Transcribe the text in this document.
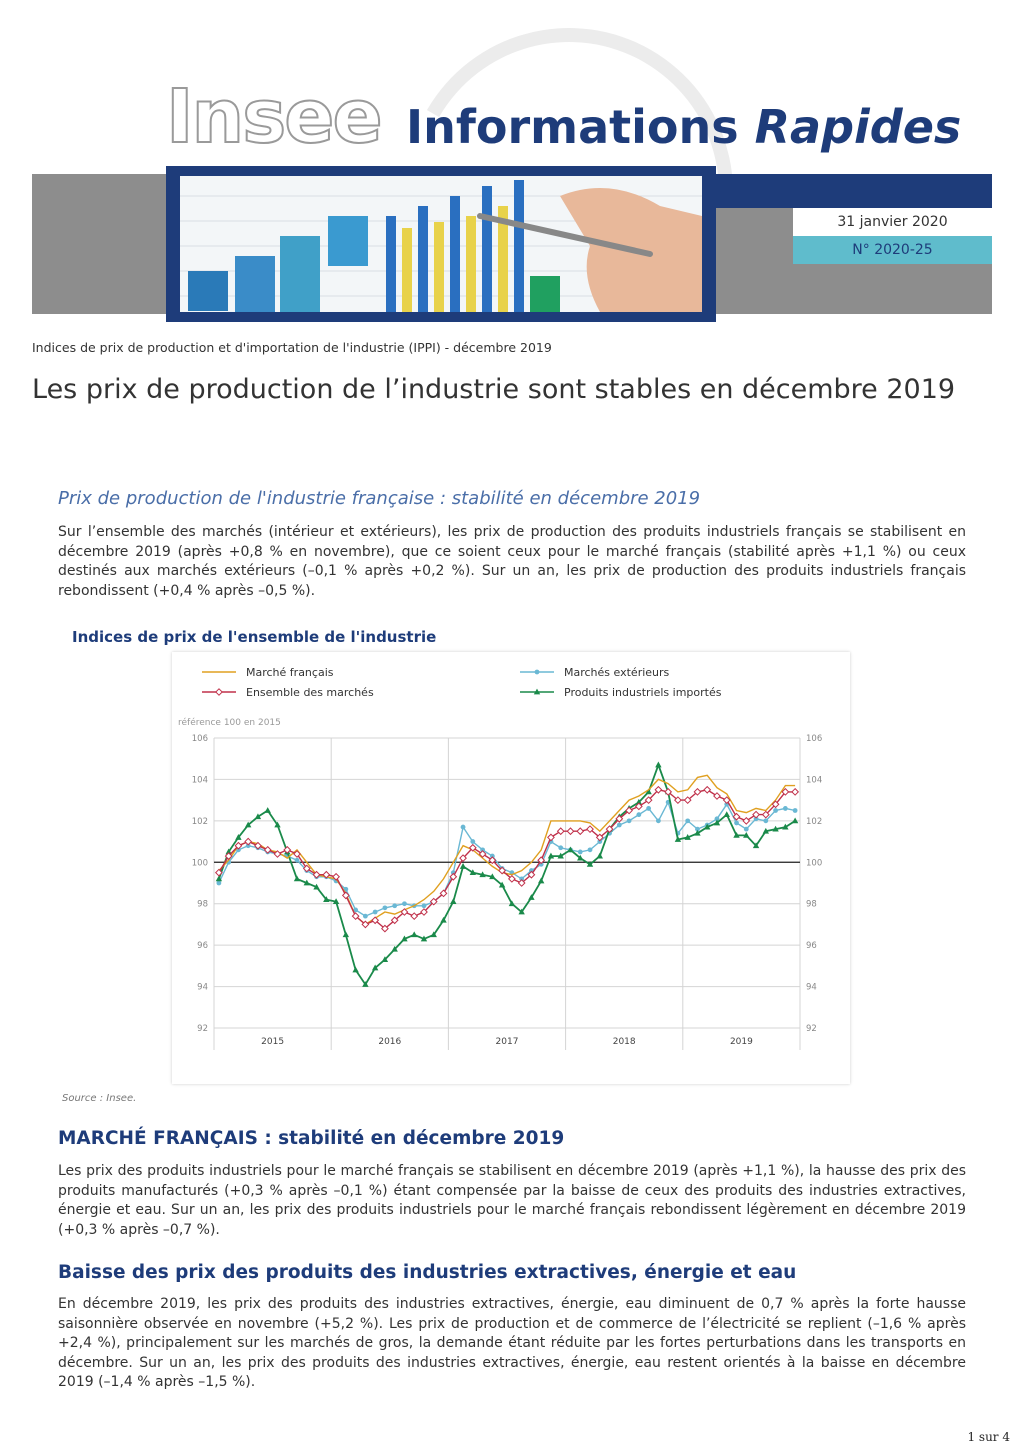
Insee Informations Rapides
31 janvier 2020
N° 2020-25
Indices de prix de production et d'importation de l'industrie (IPPI) - décembre 2019
Les prix de production de l’industrie sont stables en décembre 2019
Prix de production de l'industrie française : stabilité en décembre 2019

Sur l’ensemble des marchés (intérieur et extérieurs), les prix de production des produits industriels français se stabilisent en décembre 2019 (après +0,8 % en novembre), que ce soient ceux pour le marché français (stabilité après +1,1 %) ou ceux destinés aux marchés extérieurs (–0,1 % après +0,2 %). Sur un an, les prix de production des produits industriels français rebondissent (+0,4 % après –0,5 %).

Indices de prix de l'ensemble de l'industrie
92	92
94	94
96	96
98	98
100	100
102	102
104	104
106	106
2015	2016	2017	2018	2019
référence 100 en 2015
Marché français
Ensemble des marchés
Marchés extérieurs
Produits industriels importés
Source : Insee.
MARCHÉ FRANÇAIS : stabilité en décembre 2019

Les prix des produits industriels pour le marché français se stabilisent en décembre 2019 (après +1,1 %), la hausse des prix des produits manufacturés (+0,3 % après –0,1 %) étant compensée par la baisse de ceux des produits des industries extractives, énergie et eau. Sur un an, les prix des produits industriels pour le marché français rebondissent légèrement en décembre 2019 (+0,3 % après –0,7 %).

Baisse des prix des produits des industries extractives, énergie et eau

En décembre 2019, les prix des produits des industries extractives, énergie, eau diminuent de 0,7 % après la forte hausse saisonnière observée en novembre (+5,2 %). Les prix de production et de commerce de l’électricité se replient (–1,6 % après +2,4 %), principalement sur les marchés de gros, la demande étant réduite par les fortes perturbations dans les transports en décembre. Sur un an, les prix des produits des industries extractives, énergie, eau restent orientés à la baisse en décembre 2019 (–1,4 % après –1,5 %).

1 sur 4
